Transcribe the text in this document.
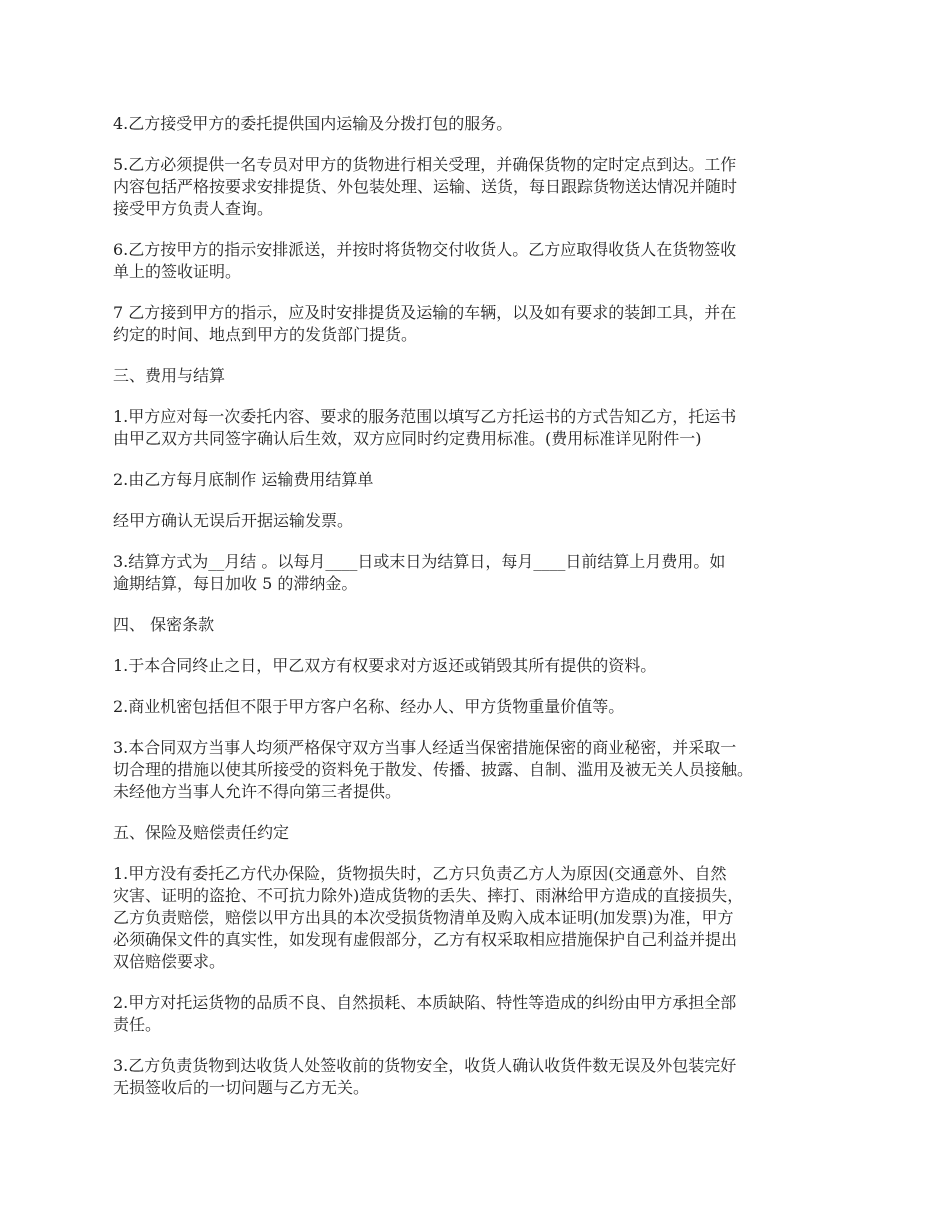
4.乙方接受甲方的委托提供国内运输及分拨打包的服务。
5.乙方必须提供一名专员对甲方的货物进行相关受理，并确保货物的定时定点到达。工作
内容包括严格按要求安排提货、外包装处理、运输、送货，每日跟踪货物送达情况并随时
接受甲方负责人查询。
6.乙方按甲方的指示安排派送，并按时将货物交付收货人。乙方应取得收货人在货物签收
单上的签收证明。
7 乙方接到甲方的指示，应及时安排提货及运输的车辆，以及如有要求的装卸工具，并在
约定的时间、地点到甲方的发货部门提货。
三、费用与结算
1.甲方应对每一次委托内容、要求的服务范围以填写乙方托运书的方式告知乙方，托运书
由甲乙双方共同签字确认后生效，双方应同时约定费用标准。(费用标准详见附件一)
2.由乙方每月底制作 运输费用结算单
经甲方确认无误后开据运输发票。
3.结算方式为__月结 。以每月____日或末日为结算日，每月____日前结算上月费用。如
逾期结算，每日加收 5 的滞纳金。
四、 保密条款
1.于本合同终止之日，甲乙双方有权要求对方返还或销毁其所有提供的资料。
2.商业机密包括但不限于甲方客户名称、经办人、甲方货物重量价值等。
3.本合同双方当事人均须严格保守双方当事人经适当保密措施保密的商业秘密，并采取一
切合理的措施以使其所接受的资料免于散发、传播、披露、自制、滥用及被无关人员接触。
未经他方当事人允许不得向第三者提供。
五、保险及赔偿责任约定
1.甲方没有委托乙方代办保险，货物损失时，乙方只负责乙方人为原因(交通意外、自然
灾害、证明的盗抢、不可抗力除外)造成货物的丢失、摔打、雨淋给甲方造成的直接损失，
乙方负责赔偿，赔偿以甲方出具的本次受损货物清单及购入成本证明(加发票)为准，甲方
必须确保文件的真实性，如发现有虚假部分，乙方有权采取相应措施保护自己利益并提出
双倍赔偿要求。
2.甲方对托运货物的品质不良、自然损耗、本质缺陷、特性等造成的纠纷由甲方承担全部
责任。
3.乙方负责货物到达收货人处签收前的货物安全，收货人确认收货件数无误及外包装完好
无损签收后的一切问题与乙方无关。
